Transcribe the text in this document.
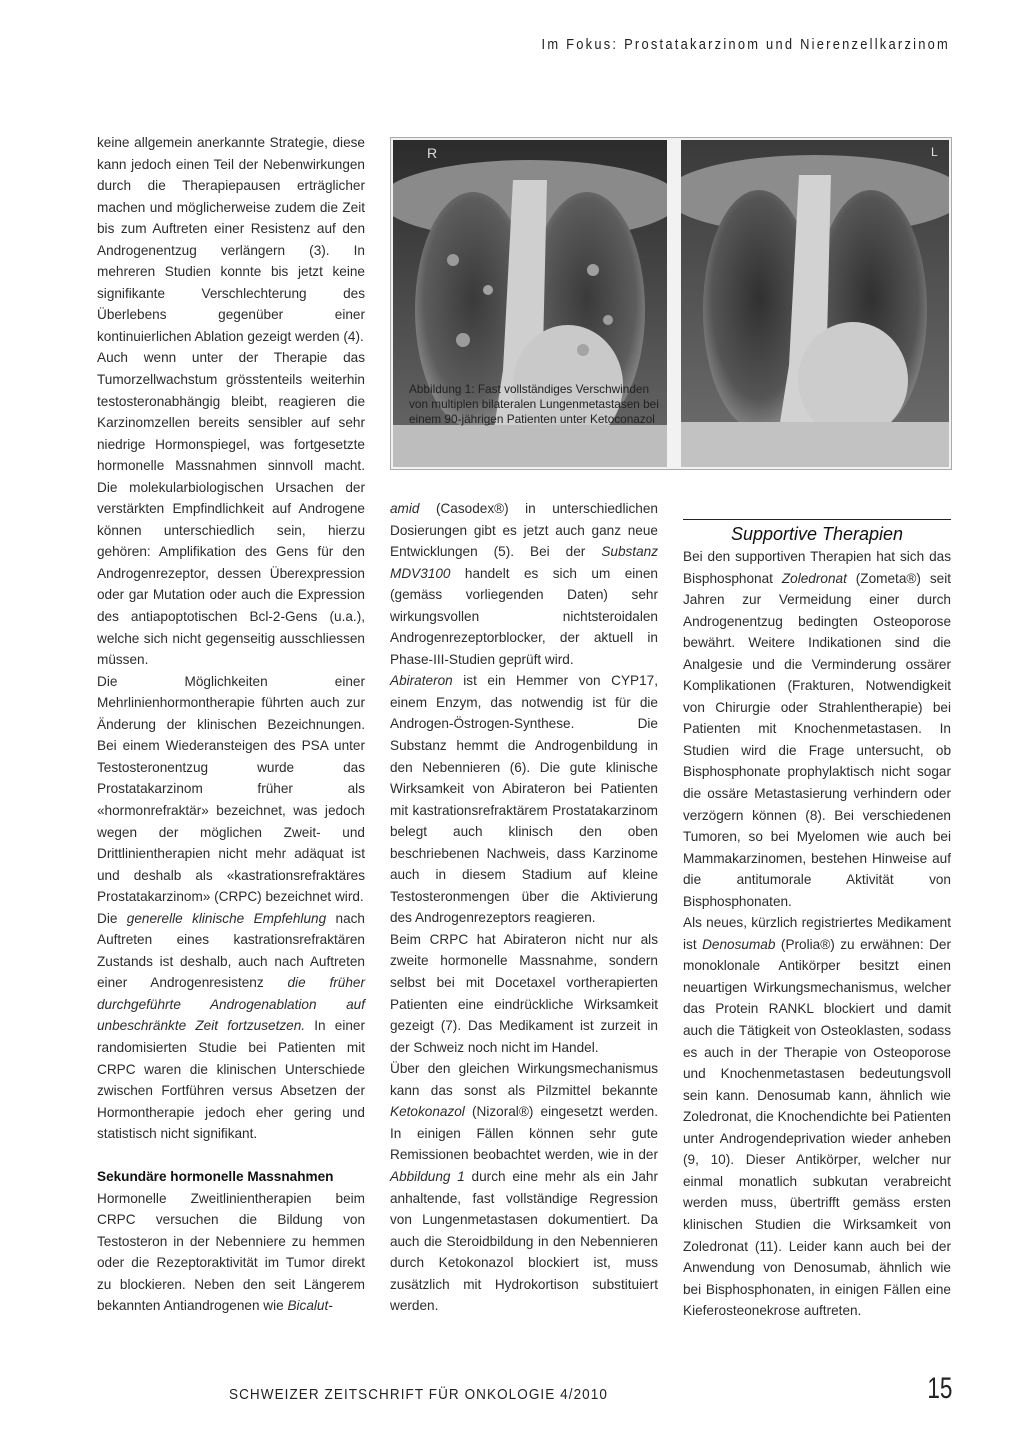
Im Fokus: Prostatakarzinom und Nierenzellkarzinom
R
Abbildung 1: Fast vollständiges Verschwinden von multiplen bilateralen Lungenmetastasen bei einem 90-jährigen Patienten unter Ketoconazol
L

keine allgemein anerkannte Strategie, diese kann jedoch einen Teil der Nebenwirkungen durch die Therapiepausen erträglicher machen und möglicherweise zudem die Zeit bis zum Auftreten einer Resistenz auf den Androgenentzug verlängern (3). In mehreren Studien konnte bis jetzt keine signifikante Verschlechterung des Überlebens gegenüber einer kontinuierlichen Ablation gezeigt werden (4).

Auch wenn unter der Therapie das Tumorzellwachstum grösstenteils weiterhin testosteronabhängig bleibt, reagieren die Karzinomzellen bereits sensibler auf sehr niedrige Hormonspiegel, was fortgesetzte hormonelle Massnahmen sinnvoll macht. Die molekularbiologischen Ursachen der verstärkten Empfindlichkeit auf Androgene können unterschiedlich sein, hierzu gehören: Amplifikation des Gens für den Androgenrezeptor, dessen Überexpression oder gar Mutation oder auch die Expression des antiapoptotischen Bcl-2-Gens (u.a.), welche sich nicht gegenseitig ausschliessen müssen.

Die Möglichkeiten einer Mehrlinienhormontherapie führten auch zur Änderung der klinischen Bezeichnungen. Bei einem Wiederansteigen des PSA unter Testosteronentzug wurde das Prostatakarzinom früher als «hormonrefraktär» bezeichnet, was jedoch wegen der möglichen Zweit- und Drittlinientherapien nicht mehr adäquat ist und deshalb als «kastrationsrefraktäres Prostatakarzinom» (CRPC) bezeichnet wird.

Die generelle klinische Empfehlung nach Auftreten eines kastrationsrefraktären Zustands ist deshalb, auch nach Auftreten einer Androgenresistenz die früher durchgeführte Androgenablation auf unbeschränkte Zeit fortzusetzen. In einer randomisierten Studie bei Patienten mit CRPC waren die klinischen Unterschiede zwischen Fortführen versus Absetzen der Hormontherapie jedoch eher gering und statistisch nicht signifikant.

Sekundäre hormonelle Massnahmen

Hormonelle Zweitlinientherapien beim CRPC versuchen die Bildung von Testosteron in der Nebenniere zu hemmen oder die Rezeptoraktivität im Tumor direkt zu blockieren. Neben den seit Längerem bekannten Antiandrogenen wie Bicalut-

amid (Casodex®) in unterschiedlichen Dosierungen gibt es jetzt auch ganz neue Entwicklungen (5). Bei der Substanz MDV3100 handelt es sich um einen (gemäss vorliegenden Daten) sehr wirkungsvollen nichtsteroidalen Androgenrezeptorblocker, der aktuell in Phase-III-Studien geprüft wird.

Abirateron ist ein Hemmer von CYP17, einem Enzym, das notwendig ist für die Androgen-Östrogen-Synthese. Die Substanz hemmt die Androgenbildung in den Nebennieren (6). Die gute klinische Wirksamkeit von Abirateron bei Patienten mit kastrationsrefraktärem Prostatakarzinom belegt auch klinisch den oben beschriebenen Nachweis, dass Karzinome auch in diesem Stadium auf kleine Testosteronmengen über die Aktivierung des Androgenrezeptors reagieren.

Beim CRPC hat Abirateron nicht nur als zweite hormonelle Massnahme, sondern selbst bei mit Docetaxel vortherapierten Patienten eine eindrückliche Wirksamkeit gezeigt (7). Das Medikament ist zurzeit in der Schweiz noch nicht im Handel.

Über den gleichen Wirkungsmechanismus kann das sonst als Pilzmittel bekannte Ketokonazol (Nizoral®) eingesetzt werden. In einigen Fällen können sehr gute Remissionen beobachtet werden, wie in der Abbildung 1 durch eine mehr als ein Jahr anhaltende, fast vollständige Regression von Lungenmetastasen dokumentiert. Da auch die Steroidbildung in den Nebennieren durch Ketokonazol blockiert ist, muss zusätzlich mit Hydrokortison substituiert werden.

Supportive Therapien

Bei den supportiven Therapien hat sich das Bisphosphonat Zoledronat (Zometa®) seit Jahren zur Vermeidung einer durch Androgenentzug bedingten Osteoporose bewährt. Weitere Indikationen sind die Analgesie und die Verminderung ossärer Komplikationen (Frakturen, Notwendigkeit von Chirurgie oder Strahlentherapie) bei Patienten mit Knochenmetastasen. In Studien wird die Frage untersucht, ob Bisphosphonate prophylaktisch nicht sogar die ossäre Metastasierung verhindern oder verzögern können (8). Bei verschiedenen Tumoren, so bei Myelomen wie auch bei Mammakarzinomen, bestehen Hinweise auf die antitumorale Aktivität von Bisphosphonaten.

Als neues, kürzlich registriertes Medikament ist Denosumab (Prolia®) zu erwähnen: Der monoklonale Antikörper besitzt einen neuartigen Wirkungsmechanismus, welcher das Protein RANKL blockiert und damit auch die Tätigkeit von Osteoklasten, sodass es auch in der Therapie von Osteoporose und Knochenmetastasen bedeutungsvoll sein kann. Denosumab kann, ähnlich wie Zoledronat, die Knochendichte bei Patienten unter Androgendeprivation wieder anheben (9, 10). Dieser Antikörper, welcher nur einmal monatlich subkutan verabreicht werden muss, übertrifft gemäss ersten klinischen Studien die Wirksamkeit von Zoledronat (11). Leider kann auch bei der Anwendung von Denosumab, ähnlich wie bei Bisphosphonaten, in einigen Fällen eine Kieferosteonekrose auftreten.

SCHWEIZER ZEITSCHRIFT FÜR ONKOLOGIE 4/2010	15
